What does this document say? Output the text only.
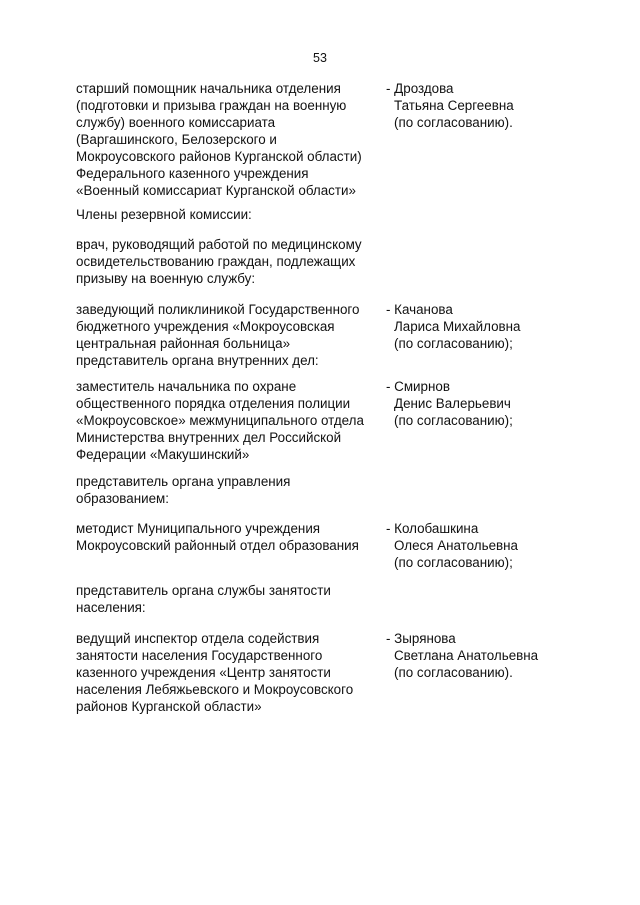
53
старший помощник начальника отделения
(подготовки и призыва граждан на военную
службу) военного комиссариата
(Варгашинского, Белозерского и
Мокроусовского районов Курганской области)
Федерального казенного учреждения
«Военный комиссариат Курганской области»
- Дроздова
Татьяна Сергеевна
(по согласованию).
Члены резервной комиссии:
врач, руководящий работой по медицинскому
освидетельствованию граждан, подлежащих
призыву на военную службу:
заведующий поликлиникой Государственного
бюджетного учреждения «Мокроусовская
центральная районная больница»
представитель органа внутренних дел:
- Качанова
Лариса Михайловна
(по согласованию);
заместитель начальника по охране
общественного порядка отделения полиции
«Мокроусовское» межмуниципального отдела
Министерства внутренних дел Российской
Федерации «Макушинский»
- Смирнов
Денис Валерьевич
(по согласованию);
представитель органа управления
образованием:
методист Муниципального учреждения
Мокроусовский районный отдел образования
- Колобашкина
Олеся Анатольевна
(по согласованию);
представитель органа службы занятости
населения:
ведущий инспектор отдела содействия
занятости населения Государственного
казенного учреждения «Центр занятости
населения Лебяжьевского и Мокроусовского
районов Курганской области»
- Зырянова
Светлана Анатольевна
(по согласованию).
